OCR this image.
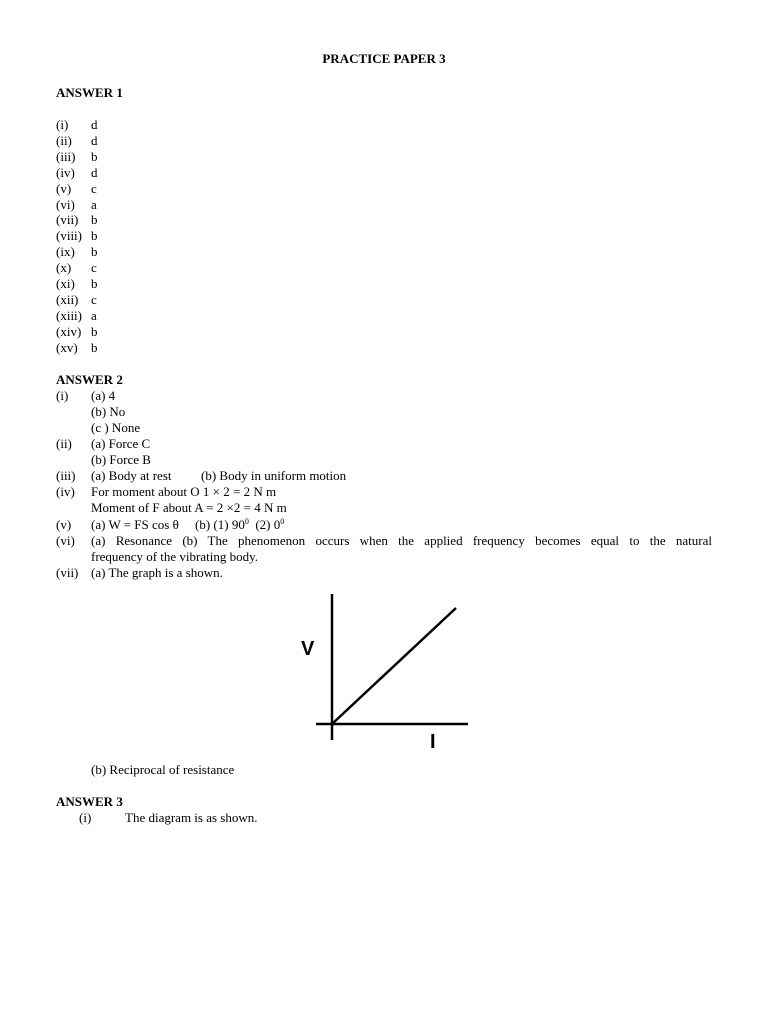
PRACTICE PAPER 3
ANSWER 1
(i) d
(ii) d
(iii) b
(iv) d
(v) c
(vi) a
(vii) b
(viii) b
(ix) b
(x) c
(xi) b
(xii) c
(xiii) a
(xiv) b
(xv) b
ANSWER 2
(i) (a) 4
(b) No
(c ) None
(ii) (a) Force C
(b) Force B
(iii) (a) Body at rest (b) Body in uniform motion
(iv) For moment about O 1 × 2 = 2 N m
Moment of F about A = 2 ×2 = 4 N m
(v) (a) W = FS cos θ (b) (1) $90^0$ (2) $0^0$
(vi) (a) Resonance (b) The phenomenon occurs when the applied frequency becomes equal to the natural
frequency of the vibrating body.
(vii) (a) The graph is a shown.
V
I
(b) Reciprocal of resistance
ANSWER 3
(i)	The diagram is as shown.
